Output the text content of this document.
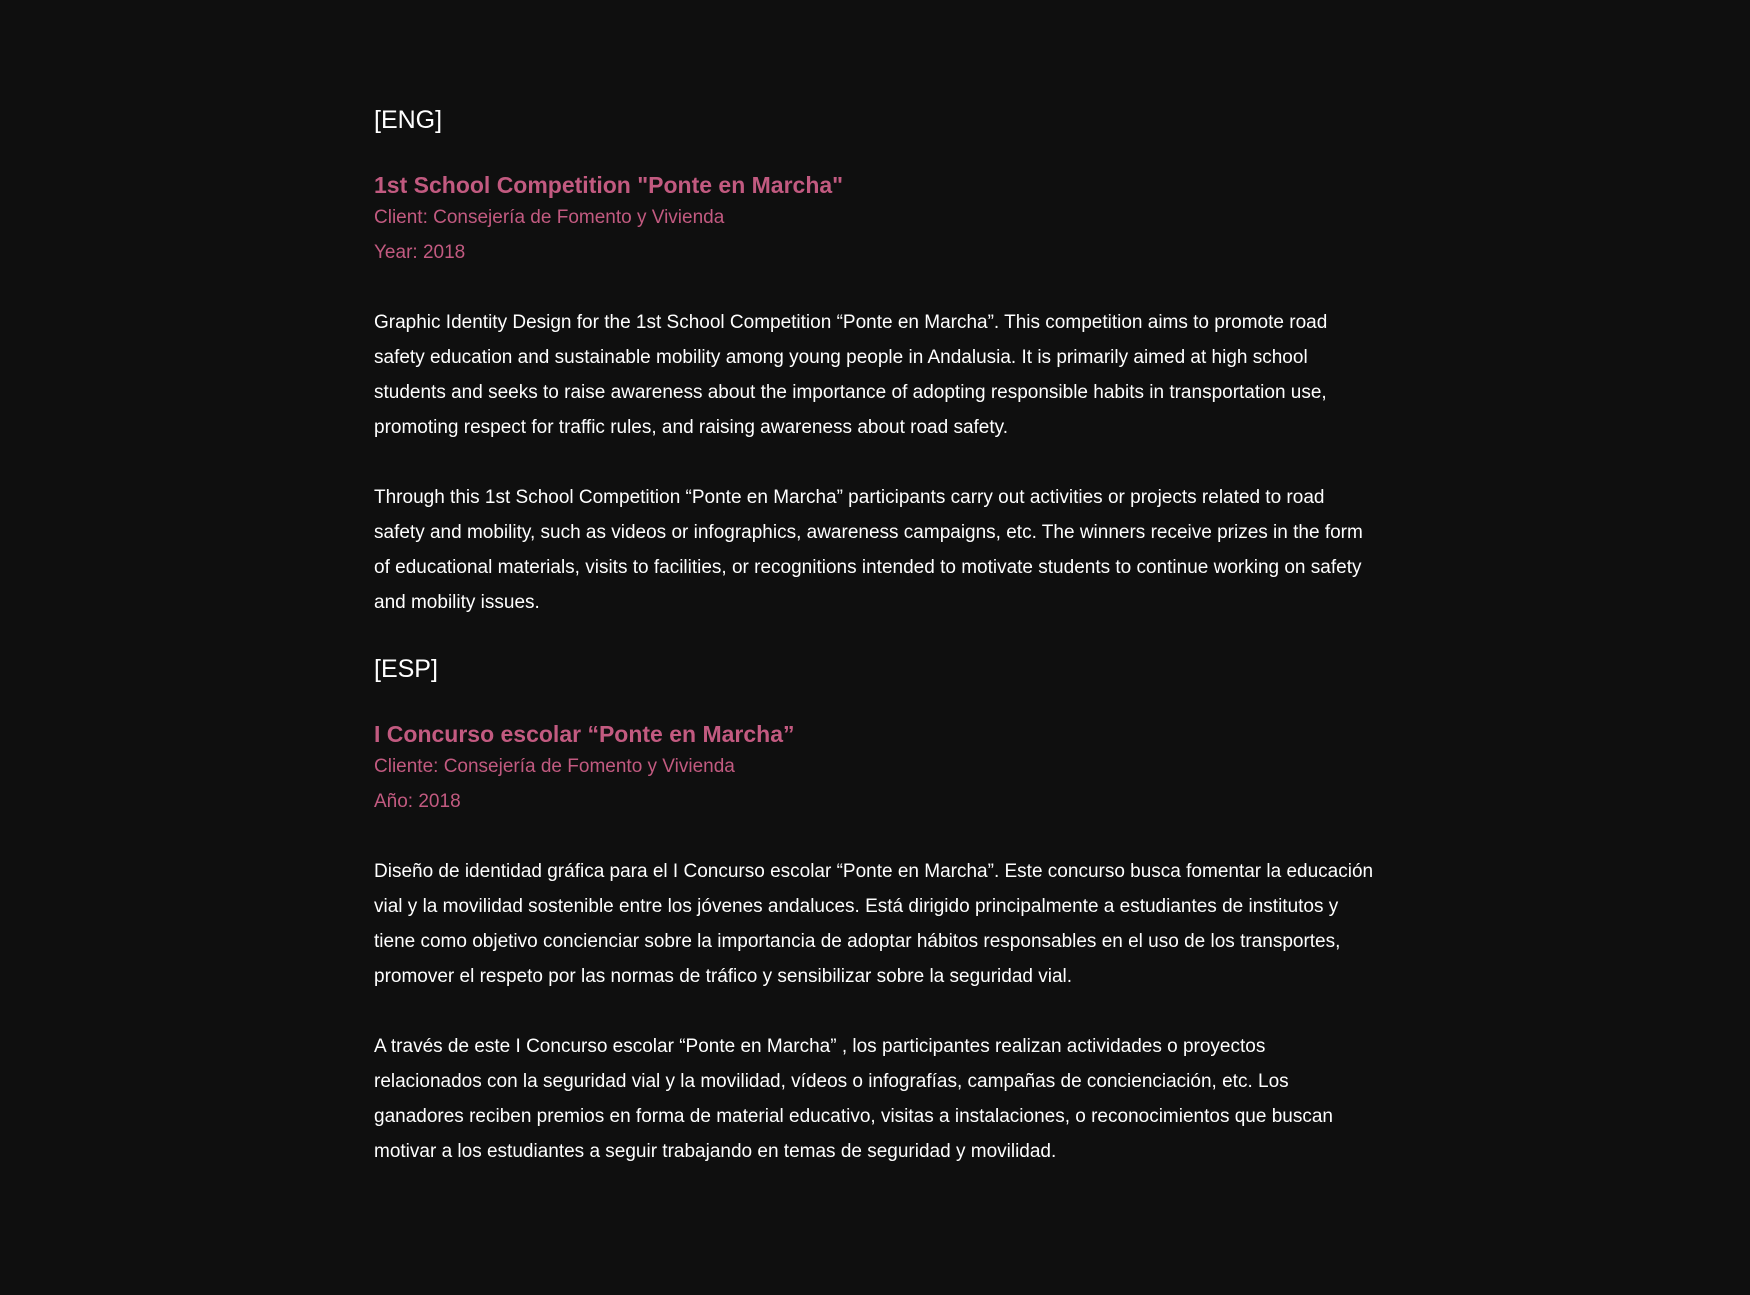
[ENG]

1st School Competition "Ponte en Marcha"

Client: Consejería de Fomento y Vivienda

Year: 2018

Graphic Identity Design for the 1st School Competition “Ponte en Marcha”. This competition aims to promote road safety education and sustainable mobility among young people in Andalusia. It is primarily aimed at high school students and seeks to raise awareness about the importance of adopting responsible habits in transportation use, promoting respect for traffic rules, and raising awareness about road safety.

Through this 1st School Competition “Ponte en Marcha” participants carry out activities or projects related to road safety and mobility, such as videos or infographics, awareness campaigns, etc. The winners receive prizes in the form of educational materials, visits to facilities, or recognitions intended to motivate students to continue working on safety and mobility issues.

[ESP]

I Concurso escolar “Ponte en Marcha”

Cliente: Consejería de Fomento y Vivienda

Año: 2018

Diseño de identidad gráfica para el I Concurso escolar “Ponte en Marcha”. Este concurso busca fomentar la educación vial y la movilidad sostenible entre los jóvenes andaluces. Está dirigido principalmente a estudiantes de institutos y tiene como objetivo concienciar sobre la importancia de adoptar hábitos responsables en el uso de los transportes, promover el respeto por las normas de tráfico y sensibilizar sobre la seguridad vial.

A través de este I Concurso escolar “Ponte en Marcha” , los participantes realizan actividades o proyectos relacionados con la seguridad vial y la movilidad, vídeos o infografías, campañas de concienciación, etc. Los ganadores reciben premios en forma de material educativo, visitas a instalaciones, o reconocimientos que buscan motivar a los estudiantes a seguir trabajando en temas de seguridad y movilidad.
